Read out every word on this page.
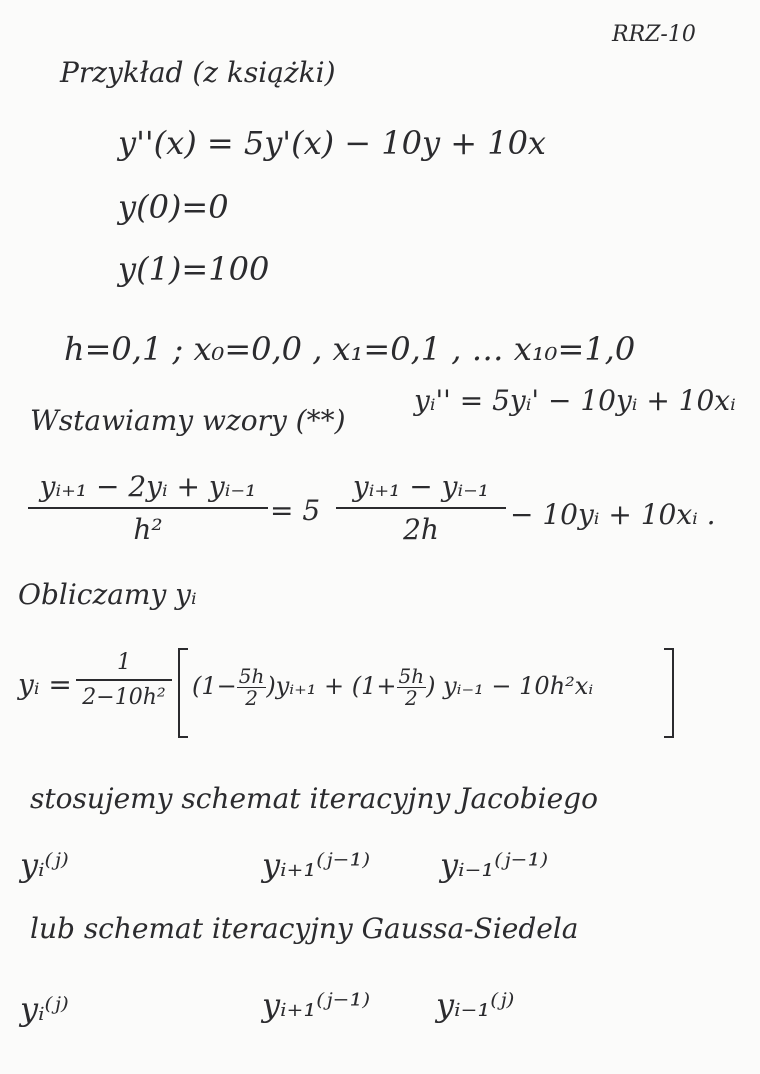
RRZ-10
Przykład (z książki)
y''(x) = 5y'(x) − 10y + 10x
y(0)=0
y(1)=100
h=0,1 ; x₀=0,0 , x₁=0,1 , … x₁₀=1,0
Wstawiamy wzory (**)
yᵢ'' = 5yᵢ' − 10yᵢ + 10xᵢ
yᵢ₊₁ − 2yᵢ + yᵢ₋₁
h²
= 5
yᵢ₊₁ − yᵢ₋₁
2h	− 10yᵢ + 10xᵢ .
Obliczamy yᵢ
yᵢ =
1
2−10h² ($1- \frac{5h}{2}$ )yᵢ₊₁ + ($1+ \frac{5h}{2}$ ) yᵢ₋₁ − 10h²xᵢ
stosujemy schemat iteracyjny Jacobiego
yᵢ⁽ʲ⁾	yᵢ₊₁⁽ʲ⁻¹⁾ yᵢ₋₁⁽ʲ⁻¹⁾
lub schemat iteracyjny Gaussa-Siedela
yᵢ⁽ʲ⁾	yᵢ₊₁⁽ʲ⁻¹⁾ yᵢ₋₁⁽ʲ⁾
